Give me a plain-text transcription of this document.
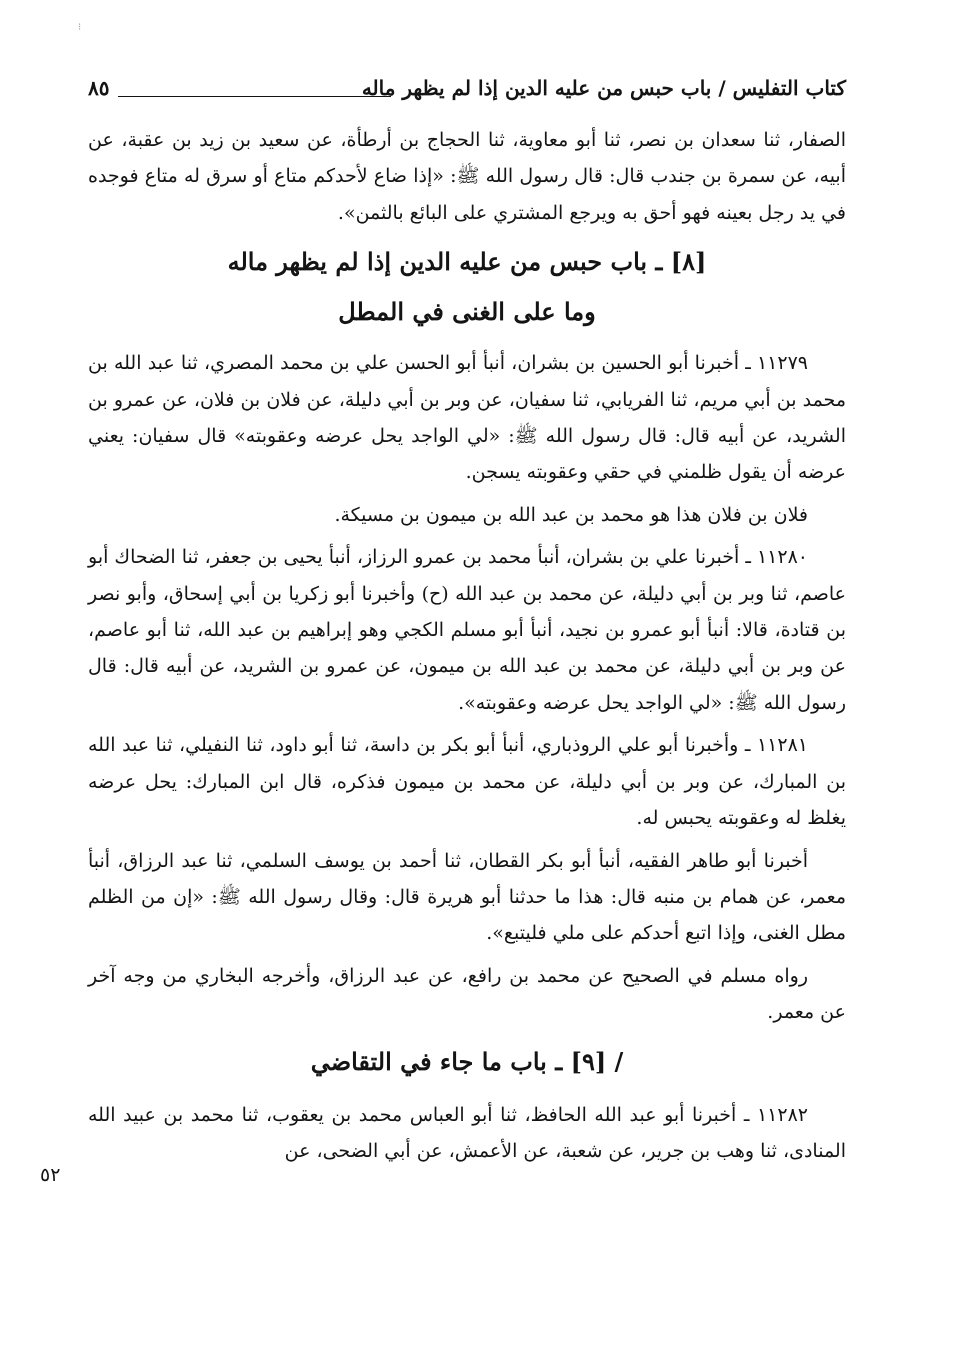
⁝
كتاب التفليس / باب حبس من عليه الدين إذا لم يظهر ماله
٨٥

الصفار، ثنا سعدان بن نصر، ثنا أبو معاوية، ثنا الحجاج بن أرطأة، عن سعيد بن زيد بن عقبة، عن أبيه، عن سمرة بن جندب قال: قال رسول الله ﷺ: «إذا ضاع لأحدكم متاع أو سرق له متاع فوجده في يد رجل بعينه فهو أحق به ويرجع المشتري على البائع بالثمن».

[٨] ـ باب حبس من عليه الدين إذا لم يظهر ماله
وما على الغنى في المطل

١١٢٧٩ ـ أخبرنا أبو الحسين بن بشران، أنبأ أبو الحسن علي بن محمد المصري، ثنا عبد الله بن محمد بن أبي مريم، ثنا الفريابي، ثنا سفيان، عن وبر بن أبي دليلة، عن فلان بن فلان، عن عمرو بن الشريد، عن أبيه قال: قال رسول الله ﷺ: «لي الواجد يحل عرضه وعقوبته» قال سفيان: يعني عرضه أن يقول ظلمني في حقي وعقوبته يسجن.

فلان بن فلان هذا هو محمد بن عبد الله بن ميمون بن مسيكة.

١١٢٨٠ ـ أخبرنا علي بن بشران، أنبأ محمد بن عمرو الرزاز، أنبأ يحيى بن جعفر، ثنا الضحاك أبو عاصم، ثنا وبر بن أبي دليلة، عن محمد بن عبد الله (ح) وأخبرنا أبو زكريا بن أبي إسحاق، وأبو نصر بن قتادة، قالا: أنبأ أبو عمرو بن نجيد، أنبأ أبو مسلم الكجي وهو إبراهيم بن عبد الله، ثنا أبو عاصم، عن وبر بن أبي دليلة، عن محمد بن عبد الله بن ميمون، عن عمرو بن الشريد، عن أبيه قال: قال رسول الله ﷺ: «لي الواجد يحل عرضه وعقوبته».

١١٢٨١ ـ وأخبرنا أبو علي الروذباري، أنبأ أبو بكر بن داسة، ثنا أبو داود، ثنا النفيلي، ثنا عبد الله بن المبارك، عن وبر بن أبي دليلة، عن محمد بن ميمون فذكره، قال ابن المبارك: يحل عرضه يغلظ له وعقوبته يحبس له.

أخبرنا أبو طاهر الفقيه، أنبأ أبو بكر القطان، ثنا أحمد بن يوسف السلمي، ثنا عبد الرزاق، أنبأ معمر، عن همام بن منبه قال: هذا ما حدثنا أبو هريرة قال: وقال رسول الله ﷺ: «إن من الظلم مطل الغنى، وإذا اتبع أحدكم على ملي فليتبع».

رواه مسلم في الصحيح عن محمد بن رافع، عن عبد الرزاق، وأخرجه البخاري من وجه آخر عن معمر.

/ [٩] ـ باب ما جاء في التقاضي

١١٢٨٢ ـ أخبرنا أبو عبد الله الحافظ، ثنا أبو العباس محمد بن يعقوب، ثنا محمد بن عبيد الله المنادى، ثنا وهب بن جرير، عن شعبة، عن الأعمش، عن أبي الضحى، عن

٥٢
